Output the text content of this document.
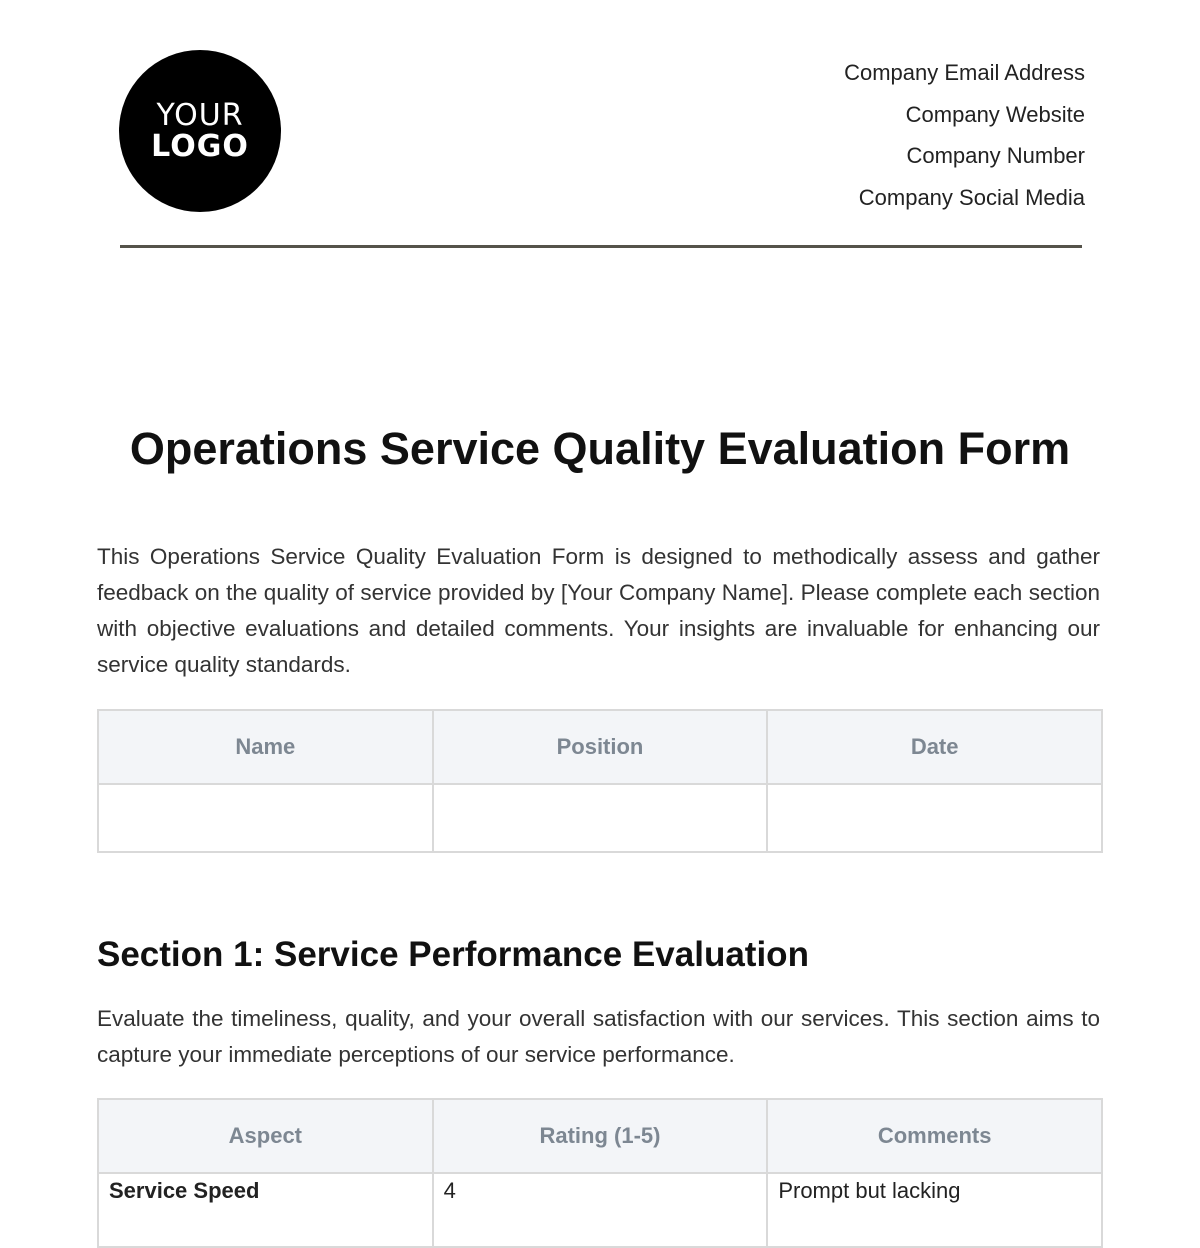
YOUR
LOGO
Company Email Address
Company Website
Company Number
Company Social Media
Operations Service Quality Evaluation Form

This Operations Service Quality Evaluation Form is designed to methodically assess and gather feedback on the quality of service provided by [Your Company Name]. Please complete each section with objective evaluations and detailed comments. Your insights are invaluable for enhancing our service quality standards.

Name	Position	Date

Section 1: Service Performance Evaluation

Evaluate the timeliness, quality, and your overall satisfaction with our services. This section aims to capture your immediate perceptions of our service performance.

Aspect	Rating (1-5)	Comments
Service Speed	4	Prompt but lacking
